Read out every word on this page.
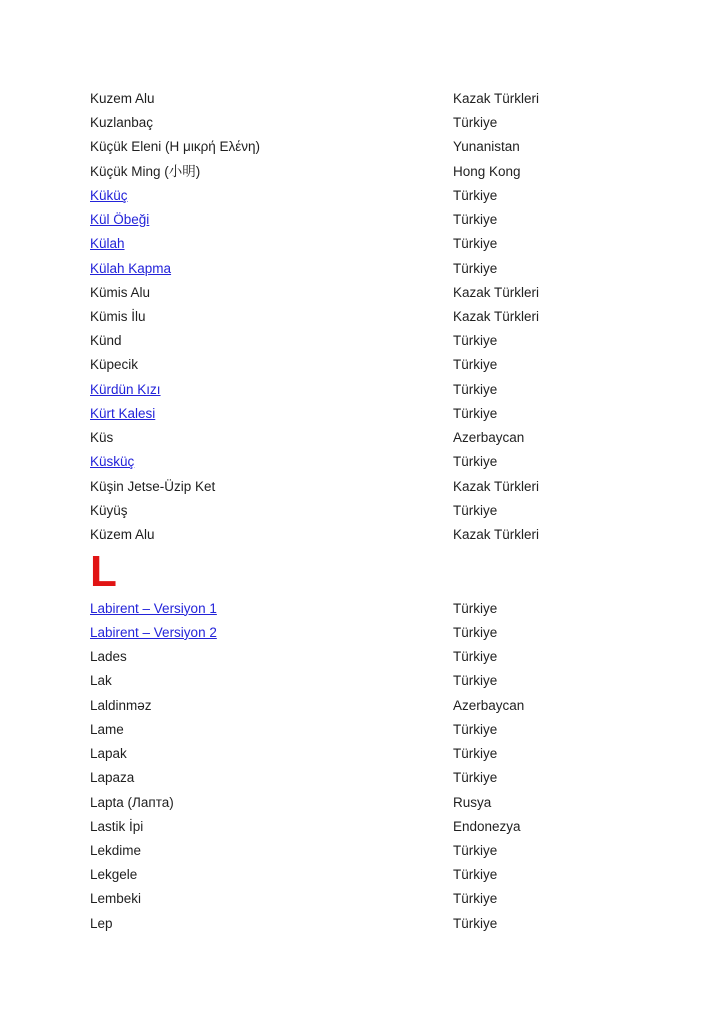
Kuzem Alu	Kazak Türkleri
Kuzlanbaç	Türkiye
Küçük Eleni (Η μικρή Ελένη)	Yunanistan
Küçük Ming (小明)	Hong Kong
Küküç	Türkiye
Kül Öbeği	Türkiye
Külah	Türkiye
Külah Kapma	Türkiye
Kümis Alu	Kazak Türkleri
Kümis İlu	Kazak Türkleri
Künd	Türkiye
Küpecik	Türkiye
Kürdün Kızı	Türkiye
Kürt Kalesi	Türkiye
Küs	Azerbaycan
Küsküç	Türkiye
Küşin Jetse-Üzip Ket	Kazak Türkleri
Küyüş	Türkiye
Küzem Alu	Kazak Türkleri
L
Labirent – Versiyon 1	Türkiye
Labirent – Versiyon 2	Türkiye
Lades	Türkiye
Lak	Türkiye
Laldinməz	Azerbaycan
Lame	Türkiye
Lapak	Türkiye
Lapaza	Türkiye
Lapta (Лапта)	Rusya
Lastik İpi	Endonezya
Lekdime	Türkiye
Lekgele	Türkiye
Lembeki	Türkiye
Lep	Türkiye
